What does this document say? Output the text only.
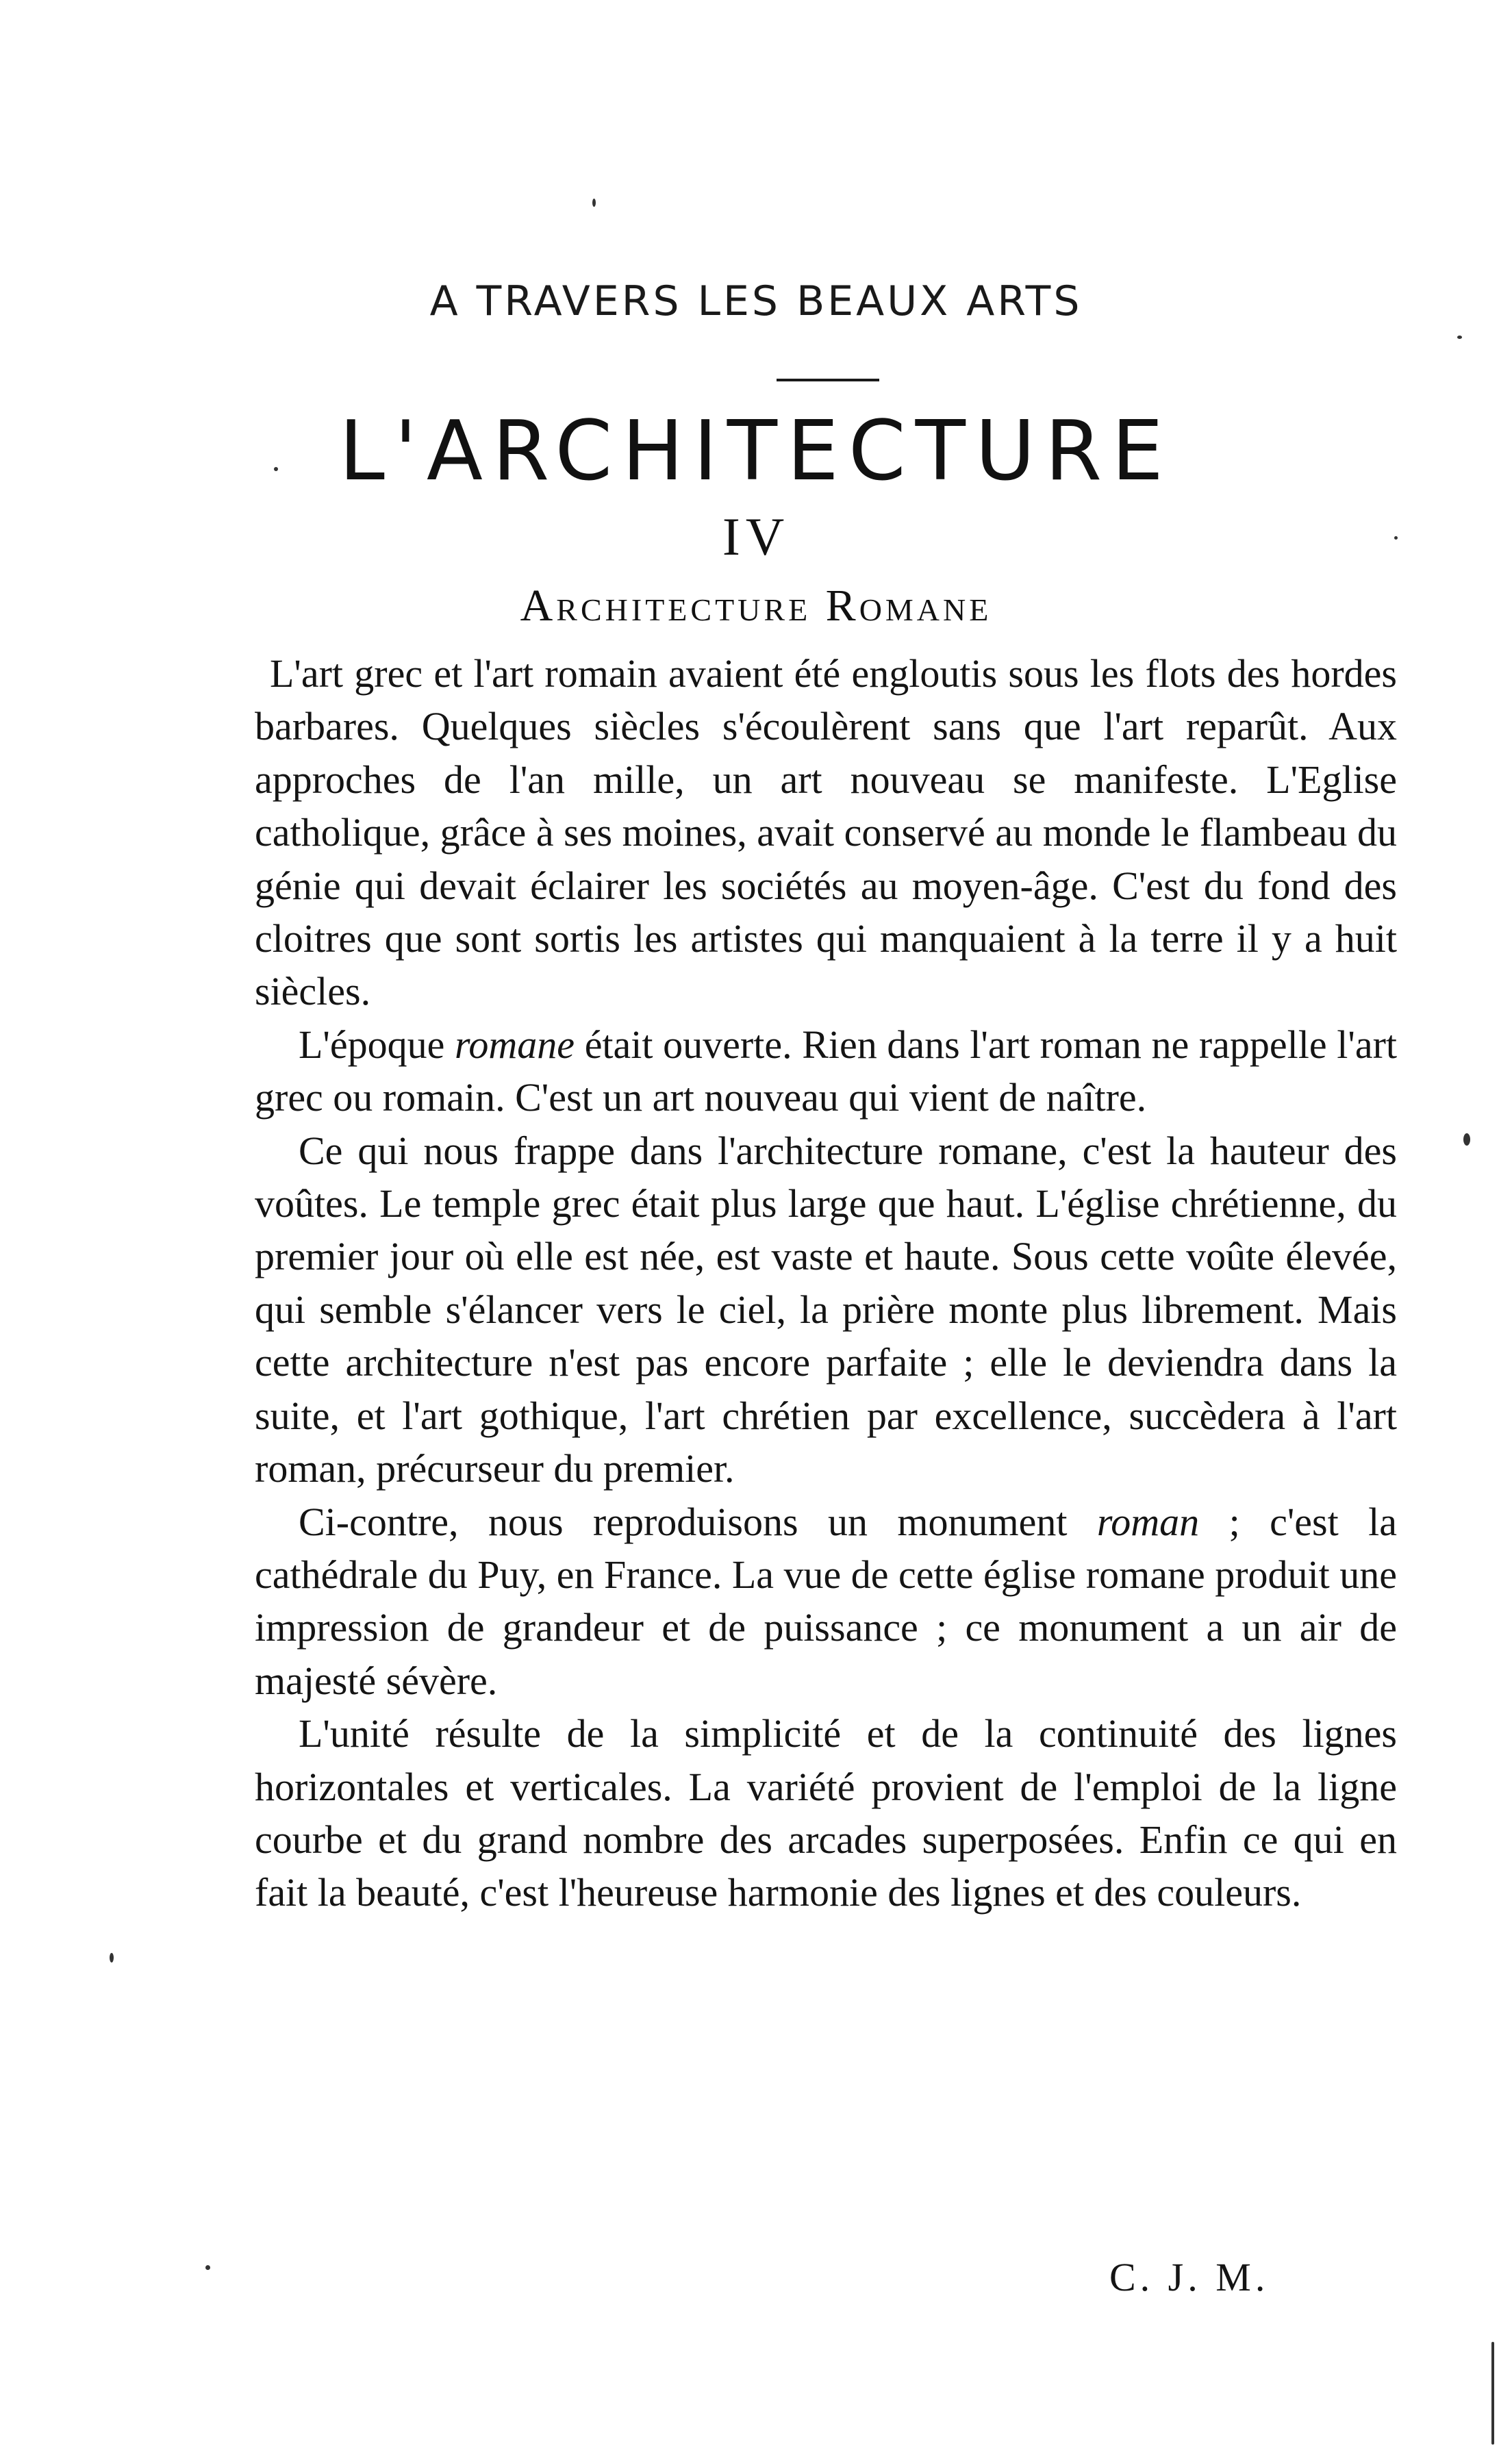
A TRAVERS LES BEAUX ARTS
L'ARCHITECTURE
IV
Architecture Romane

L'art grec et l'art romain avaient été engloutis sous les flots des hordes barbares. Quelques siècles s'écoulèrent sans que l'art reparût. Aux approches de l'an mille, un art nouveau se manifeste. L'Eglise catholique, grâce à ses moines, avait conservé au monde le flambeau du génie qui devait éclairer les sociétés au moyen-âge. C'est du fond des cloitres que sont sortis les artistes qui manquaient à la terre il y a huit siècles.

L'époque romane était ouverte. Rien dans l'art roman ne rappelle l'art grec ou romain. C'est un art nouveau qui vient de naître.

Ce qui nous frappe dans l'architecture romane, c'est la hauteur des voûtes. Le temple grec était plus large que haut. L'église chrétienne, du premier jour où elle est née, est vaste et haute. Sous cette voûte élevée, qui semble s'élancer vers le ciel, la prière monte plus librement. Mais cette architecture n'est pas encore parfaite ; elle le deviendra dans la suite, et l'art gothique, l'art chrétien par excellence, succèdera à l'art roman, précurseur du premier.

Ci-contre, nous reproduisons un monument roman ; c'est la cathédrale du Puy, en France. La vue de cette église romane produit une impression de grandeur et de puissance ; ce monument a un air de majesté sévère.

L'unité résulte de la simplicité et de la continuité des lignes horizontales et verticales. La variété provient de l'emploi de la ligne courbe et du grand nombre des arcades superposées. Enfin ce qui en fait la beauté, c'est l'heureuse harmonie des lignes et des couleurs.

C. J. M.
